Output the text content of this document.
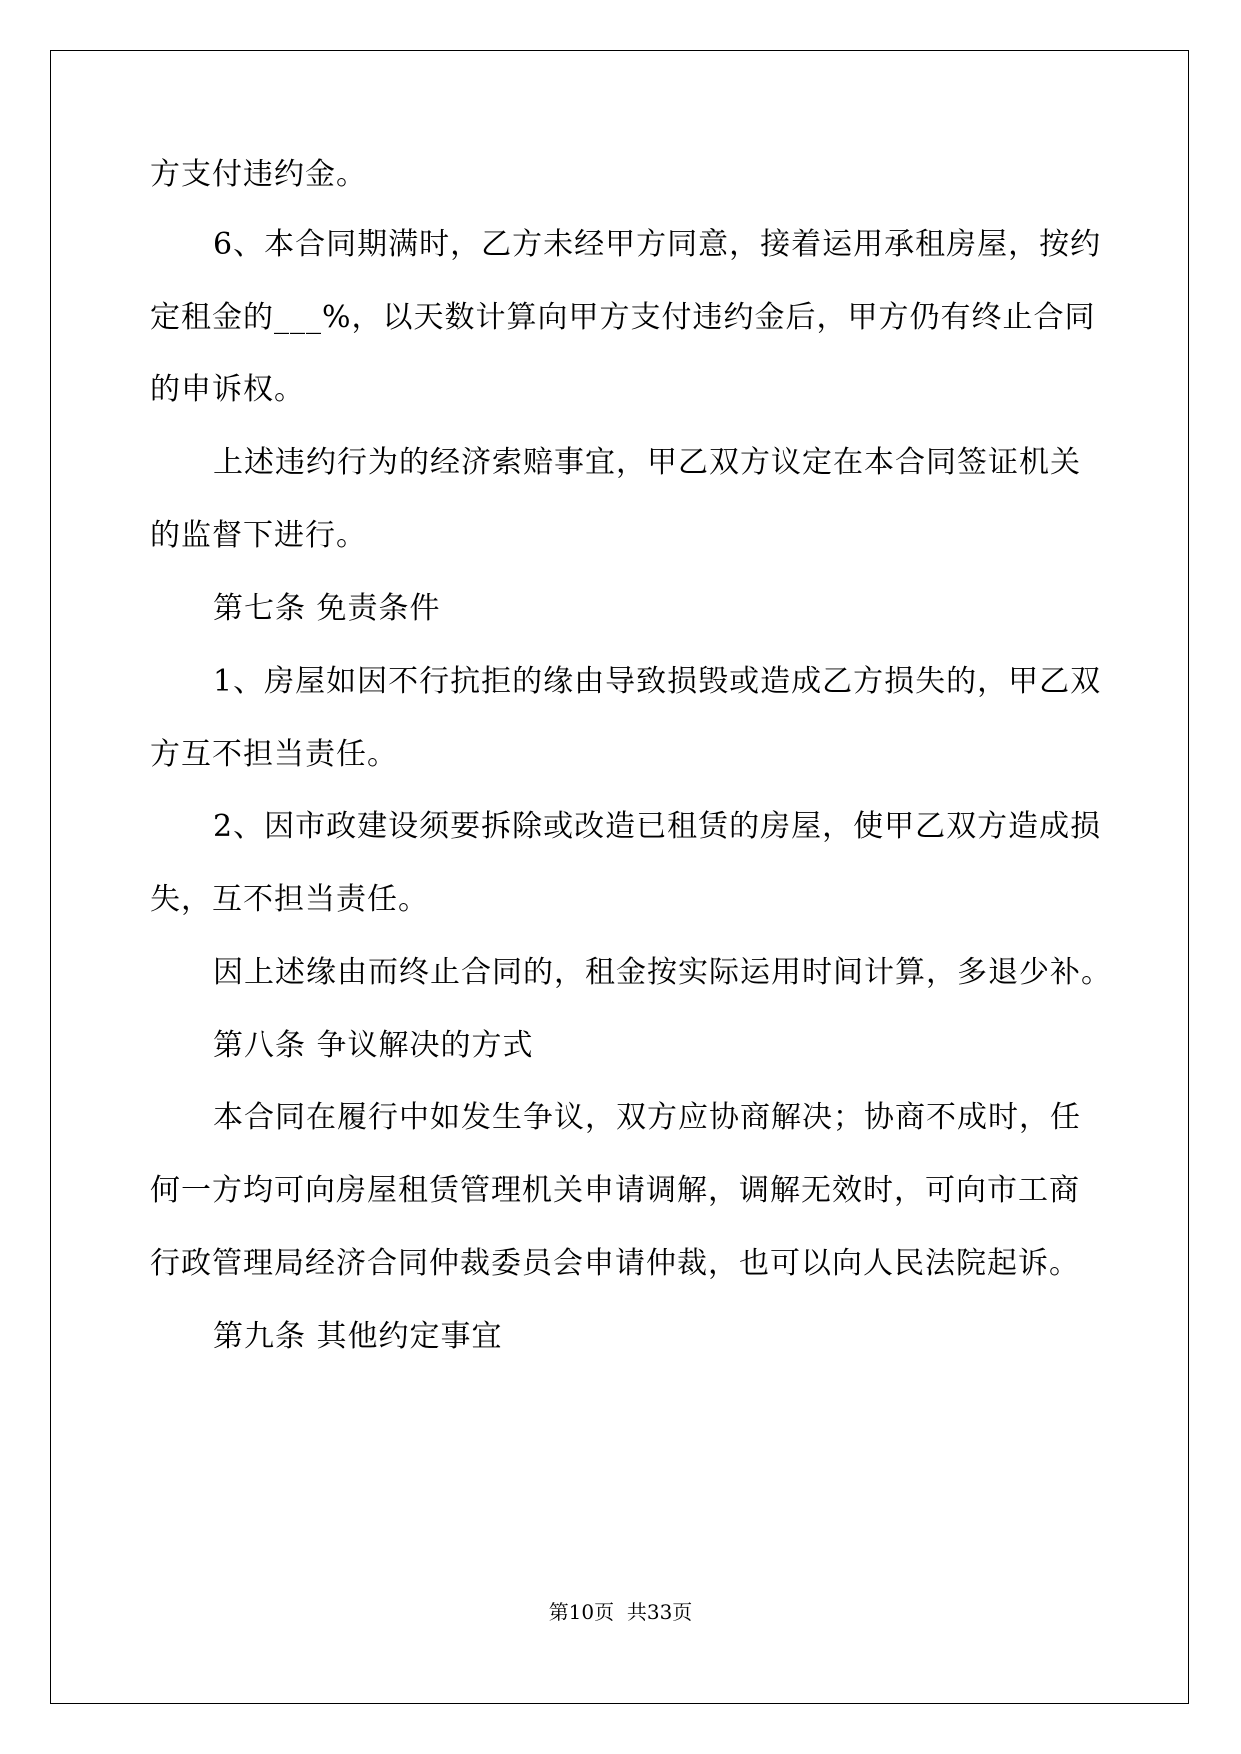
方支付违约金。
6、本合同期满时，乙方未经甲方同意，接着运用承租房屋，按约
定租金的___%，以天数计算向甲方支付违约金后，甲方仍有终止合同
的申诉权。
上述违约行为的经济索赔事宜，甲乙双方议定在本合同签证机关
的监督下进行。
第七条 免责条件
1、房屋如因不行抗拒的缘由导致损毁或造成乙方损失的，甲乙双
方互不担当责任。
2、因市政建设须要拆除或改造已租赁的房屋，使甲乙双方造成损
失，互不担当责任。
因上述缘由而终止合同的，租金按实际运用时间计算，多退少补。
第八条 争议解决的方式
本合同在履行中如发生争议，双方应协商解决；协商不成时，任
何一方均可向房屋租赁管理机关申请调解，调解无效时，可向市工商
行政管理局经济合同仲裁委员会申请仲裁，也可以向人民法院起诉。
第九条 其他约定事宜
第10页  共33页
